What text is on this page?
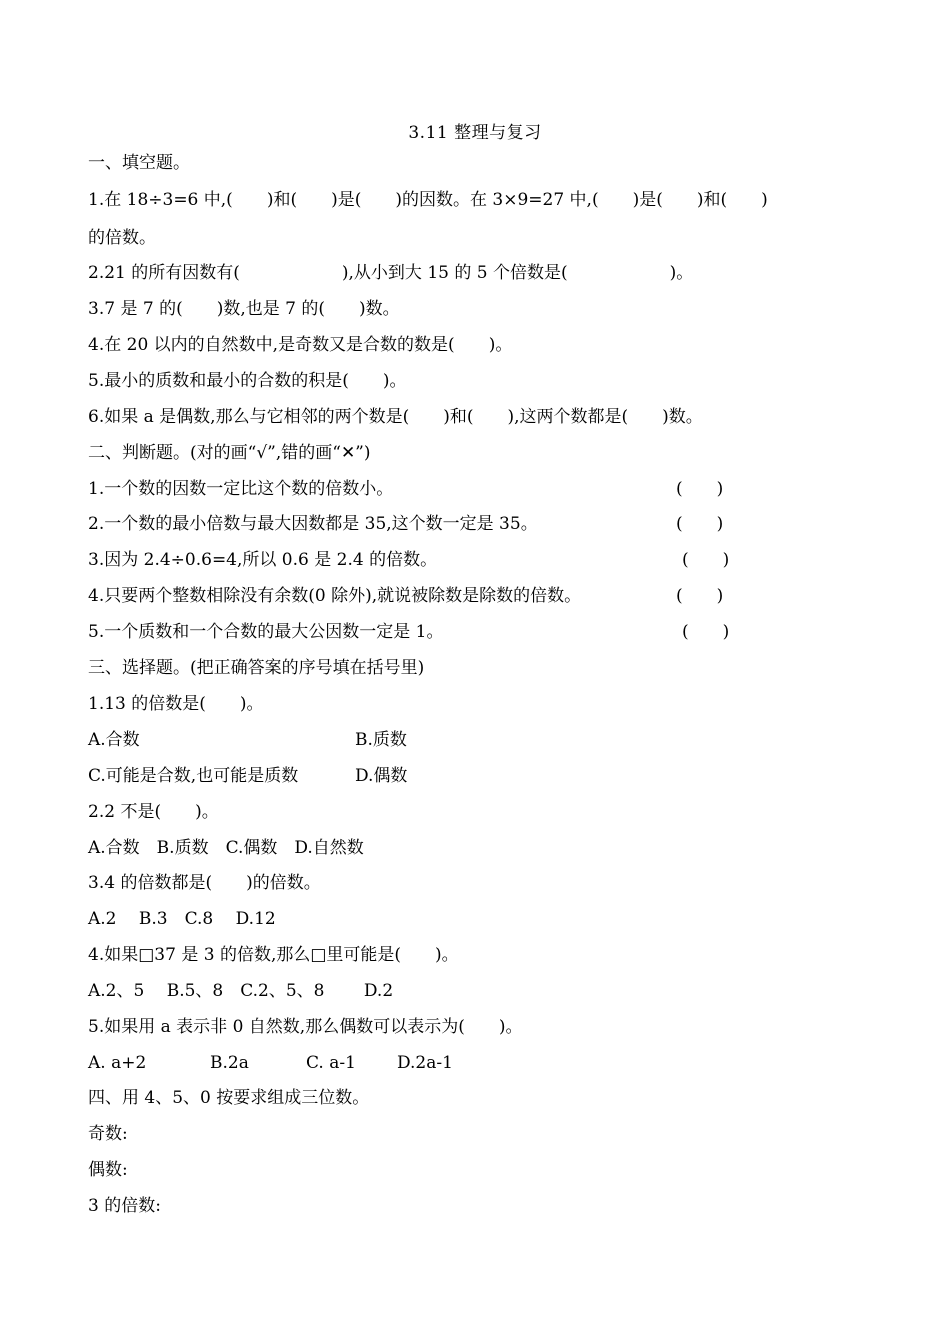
3.11 整理与复习
一、填空题。
1.在 18÷3=6 中,(　　)和(　　)是(　　)的因数。在 3×9=27 中,(　　)是(　　)和(　　)
的倍数。
2.21 的所有因数有(　　　　　　),从小到大 15 的 5 个倍数是(　　　　　　)。
3.7 是 7 的(　　)数,也是 7 的(　　)数。
4.在 20 以内的自然数中,是奇数又是合数的数是(　　)。
5.最小的质数和最小的合数的积是(　　)。
6.如果 a 是偶数,那么与它相邻的两个数是(　　)和(　　),这两个数都是(　　)数。
二、判断题。(对的画“√”,错的画“✕”)
1.一个数的因数一定比这个数的倍数小。	(　　)
2.一个数的最小倍数与最大因数都是 35,这个数一定是 35。	(　　)
3.因为 2.4÷0.6=4,所以 0.6 是 2.4 的倍数。	(　　)
4.只要两个整数相除没有余数(0 除外),就说被除数是除数的倍数。	(　　)
5.一个质数和一个合数的最大公因数一定是 1。	(　　)
三、选择题。(把正确答案的序号填在括号里)
1.13 的倍数是(　　)。
A.合数	B.质数
C.可能是合数,也可能是质数	D.偶数
2.2 不是(　　)。
A.合数　B.质数　C.偶数　D.自然数
3.4 的倍数都是(　　)的倍数。
A.2　 B.3　C.8　 D.12
4.如果□37 是 3 的倍数,那么□里可能是(　　)。
A.2、5　 B.5、8　C.2、5、8　　 D.2
5.如果用 a 表示非 0 自然数,那么偶数可以表示为(　　)。
A. a+2	B.2a	C. a-1 D.2a-1
四、用 4、5、0 按要求组成三位数。
奇数:
偶数:
3 的倍数:
